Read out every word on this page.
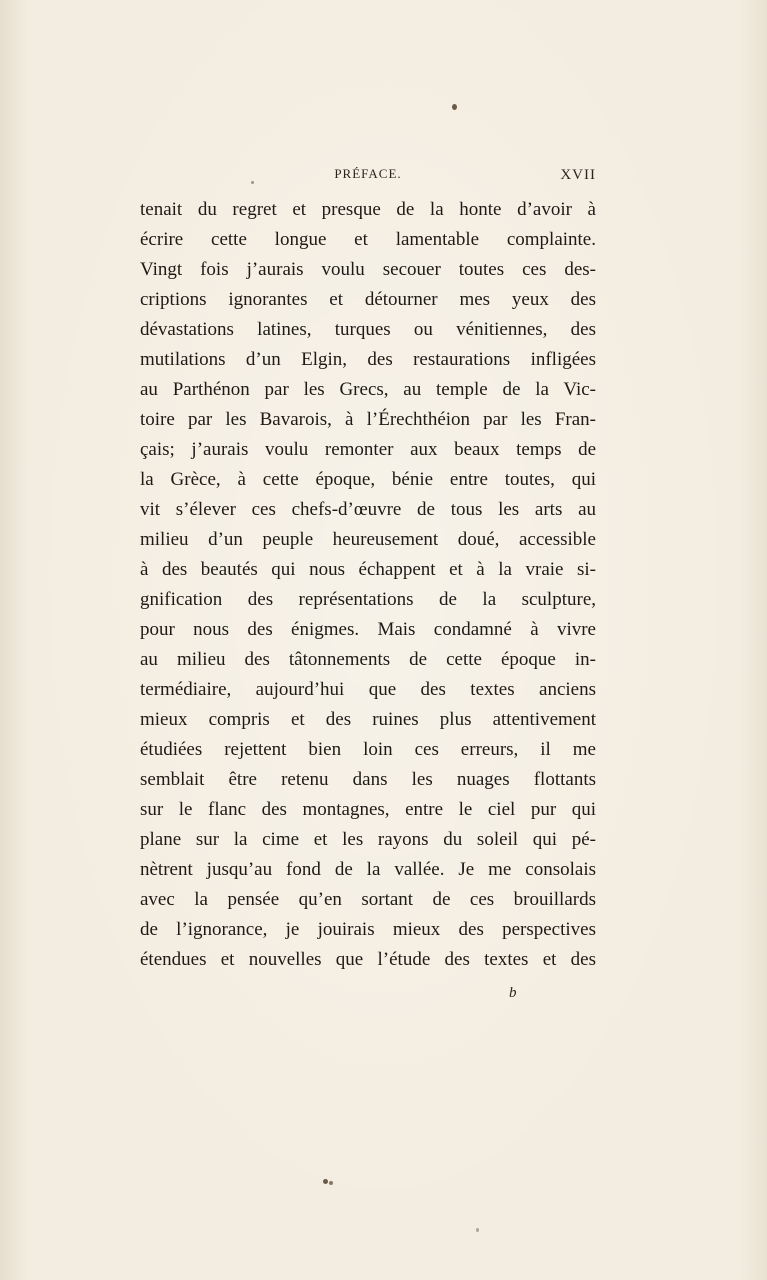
PRÉFACE.	XVII
tenait du regret et presque de la honte d’avoir à
écrire cette longue et lamentable complainte.
Vingt fois j’aurais voulu secouer toutes ces des-
criptions ignorantes et détourner mes yeux des
dévastations latines, turques ou vénitiennes, des
mutilations d’un Elgin, des restaurations infligées
au Parthénon par les Grecs, au temple de la Vic-
toire par les Bavarois, à l’Érechthéion par les Fran-
çais; j’aurais voulu remonter aux beaux temps de
la Grèce, à cette époque, bénie entre toutes, qui
vit s’élever ces chefs-d’œuvre de tous les arts au
milieu d’un peuple heureusement doué, accessible
à des beautés qui nous échappent et à la vraie si-
gnification des représentations de la sculpture,
pour nous des énigmes. Mais condamné à vivre
au milieu des tâtonnements de cette époque in-
termédiaire, aujourd’hui que des textes anciens
mieux compris et des ruines plus attentivement
étudiées rejettent bien loin ces erreurs, il me
semblait être retenu dans les nuages flottants
sur le flanc des montagnes, entre le ciel pur qui
plane sur la cime et les rayons du soleil qui pé-
nètrent jusqu’au fond de la vallée. Je me consolais
avec la pensée qu’en sortant de ces brouillards
de l’ignorance, je jouirais mieux des perspectives
étendues et nouvelles que l’étude des textes et des
b
